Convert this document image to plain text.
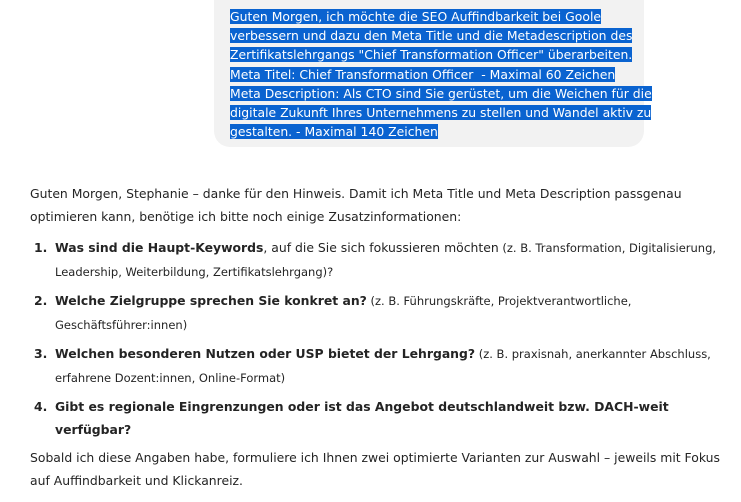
Guten Morgen, ich möchte die SEO Auffindbarkeit bei Goole
verbessern und dazu den Meta Title und die Metadescription des
Zertifikatslehrgangs "Chief Transformation Officer" überarbeiten.
Meta Titel: Chief Transformation Officer  - Maximal 60 Zeichen
Meta Description: Als CTO sind Sie gerüstet, um die Weichen für die
digitale Zukunft Ihres Unternehmens zu stellen und Wandel aktiv zu
gestalten. - Maximal 140 Zeichen

Guten Morgen, Stephanie – danke für den Hinweis. Damit ich Meta Title und Meta Description passgenau optimieren kann, benötige ich bitte noch einige Zusatzinformationen:

1. Was sind die Haupt-Keywords, auf die Sie sich fokussieren möchten (z. B. Transformation, Digitalisierung, Leadership, Weiterbildung, Zertifikatslehrgang)?
2. Welche Zielgruppe sprechen Sie konkret an? (z. B. Führungskräfte, Projektverantwortliche, Geschäftsführer:innen)
3. Welchen besonderen Nutzen oder USP bietet der Lehrgang? (z. B. praxisnah, anerkannter Abschluss, erfahrene Dozent:innen, Online-Format)
4. Gibt es regionale Eingrenzungen oder ist das Angebot deutschlandweit bzw. DACH-weit verfügbar?

Sobald ich diese Angaben habe, formuliere ich Ihnen zwei optimierte Varianten zur Auswahl – jeweils mit Fokus auf Auffindbarkeit und Klickanreiz.
